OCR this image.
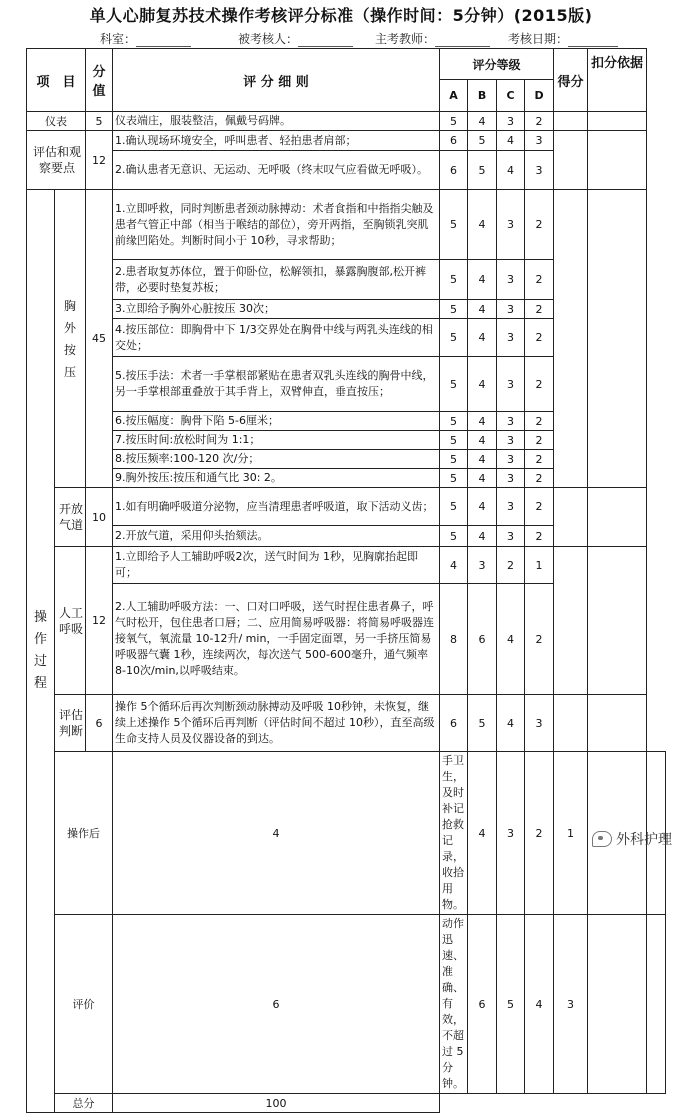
单人心肺复苏技术操作考核评分标准（操作时间：5分钟）(2015版)
科室：	被考核人：	主考教师：	考核日期：
项　目		分值	评 分 细 则	评分等级				得分	扣分依据	
				A	B	C	D			
仪表		5	仪表端庄，服装整洁，佩戴号码牌。	5	4	3	2			

评估和观察要点		12	1.确认现场环境安全，呼叫患者、轻拍患者肩部；	6	5	4	3			
			2.确认患者无意识、无运动、无呼吸（终末叹气应看做无呼吸）。	6	5	4	3			

操作过程	胸外按压	45	1.立即呼救，同时判断患者颈动脉搏动：术者食指和中指指尖触及患者气管正中部（相当于喉结的部位），旁开两指，至胸锁乳突肌前缘凹陷处。判断时间小于 10秒，寻求帮助；	5	4	3	2			
			2.患者取复苏体位，置于仰卧位，松解领扣，暴露胸腹部,松开裤带，必要时垫复苏板；	5	4	3	2			
			3.立即给予胸外心脏按压 30次；	5	4	3	2			
			4.按压部位：即胸骨中下 1/3交界处在胸骨中线与两乳头连线的相交处；	5	4	3	2			
			5.按压手法：术者一手掌根部紧贴在患者双乳头连线的胸骨中线，另一手掌根部重叠放于其手背上，双臂伸直，垂直按压；	5	4	3	2			
			6.按压幅度：胸骨下陷 5-6厘米；	5	4	3	2			
			7.按压时间:放松时间为 1:1；	5	4	3	2			
			8.按压频率:100-120 次/分；	5	4	3	2			
			9.胸外按压:按压和通气比 30: 2。	5	4	3	2			

	开放气道	10	1.如有明确呼吸道分泌物，应当清理患者呼吸道，取下活动义齿；	5	4	3	2			
			2.开放气道，采用仰头抬颏法。	5	4	3	2			

	人工呼吸	12	1.立即给予人工辅助呼吸2次，送气时间为 1秒，见胸廓抬起即可；	4	3	2	1			
			2.人工辅助呼吸方法：一、口对口呼吸，送气时捏住患者鼻子，呼气时松开，包住患者口唇；二、应用简易呼吸器：将简易呼吸器连接氧气，氧流量 10-12升/ min，一手固定面罩，另一手挤压简易呼吸器气囊 1秒，连续两次，每次送气 500-600毫升，通气频率 8-10次/min,以呼吸结束。	8	6	4	2			

	评估判断	6	操作 5个循环后再次判断颈动脉搏动及呼吸 10秒钟，未恢复，继续上述操作 5个循环后再判断（评估时间不超过 10秒），直至高级生命支持人员及仪器设备的到达。	6	5	4	3			
	操作后		4	手卫生，及时补记抢救记录，收拾用物。	4	3	2	1		
	评价		6	动作迅速、准确、有效，不超过 5分钟。	6	5	4	3		
	总分		100							
外科护理
